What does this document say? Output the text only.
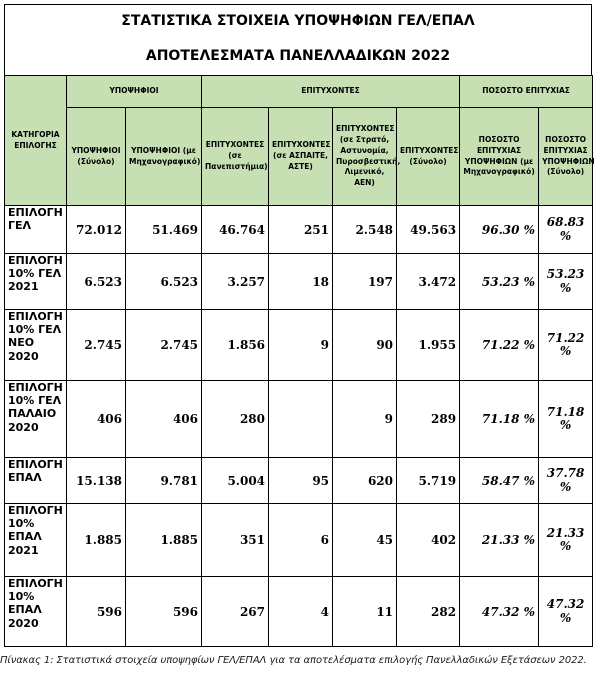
ΣΤΑΤΙΣΤΙΚΑ ΣΤΟΙΧΕΙΑ ΥΠΟΨΗΦΙΩΝ ΓΕΛ/ΕΠΑΛ
ΑΠΟΤΕΛΕΣΜΑΤΑ ΠΑΝΕΛΛΑΔΙΚΩΝ 2022
ΚΑΤΗΓΟΡΙΑ ΕΠΙΛΟΓΗΣ	ΥΠΟΨΗΦΙΟΙ		ΕΠΙΤΥΧΟΝΤΕΣ				ΠΟΣΟΣΤΟ ΕΠΙΤΥΧΙΑΣ	
	ΥΠΟΨΗΦΙΟΙ (Σύνολο)	ΥΠΟΨΗΦΙΟΙ (με Μηχανογραφικό)	ΕΠΙΤΥΧΟΝΤΕΣ (σε Πανεπιστήμια)	ΕΠΙΤΥΧΟΝΤΕΣ (σε ΑΣΠΑΙΤΕ, ΑΣΤΕ)	ΕΠΙΤΥΧΟΝΤΕΣ (σε Στρατό, Αστυνομία, Πυροσβεστική, Λιμενικό, ΑΕΝ)	ΕΠΙΤΥΧΟΝΤΕΣ (Σύνολο)	ΠΟΣΟΣΤΟ ΕΠΙΤΥΧΙΑΣ ΥΠΟΨΗΦΙΩΝ (με Μηχανογραφικό)	ΠΟΣΟΣΤΟ ΕΠΙΤΥΧΙΑΣ ΥΠΟΨΗΦΙΩΝ (Σύνολο)
ΕΠΙΛΟΓΗ ΓΕΛ	72.012	51.469	46.764	251	2.548	49.563	96.30 %	68.83 %
ΕΠΙΛΟΓΗ 10% ΓΕΛ 2021	6.523	6.523	3.257	18	197	3.472	53.23 %	53.23 %
ΕΠΙΛΟΓΗ 10% ΓΕΛ ΝΕΟ 2020	2.745	2.745	1.856	9	90	1.955	71.22 %	71.22 %
ΕΠΙΛΟΓΗ 10% ΓΕΛ ΠΑΛΑΙΟ 2020	406	406	280		9	289	71.18 %	71.18 %
ΕΠΙΛΟΓΗ ΕΠΑΛ	15.138	9.781	5.004	95	620	5.719	58.47 %	37.78 %
ΕΠΙΛΟΓΗ 10% ΕΠΑΛ 2021	1.885	1.885	351	6	45	402	21.33 %	21.33 %
ΕΠΙΛΟΓΗ 10% ΕΠΑΛ 2020	596	596	267	4	11	282	47.32 %	47.32 %
Πίνακας 1: Στατιστικά στοιχεία υποψηφίων ΓΕΛ/ΕΠΑΛ για τα αποτελέσματα επιλογής Πανελλαδικών Εξετάσεων 2022.
